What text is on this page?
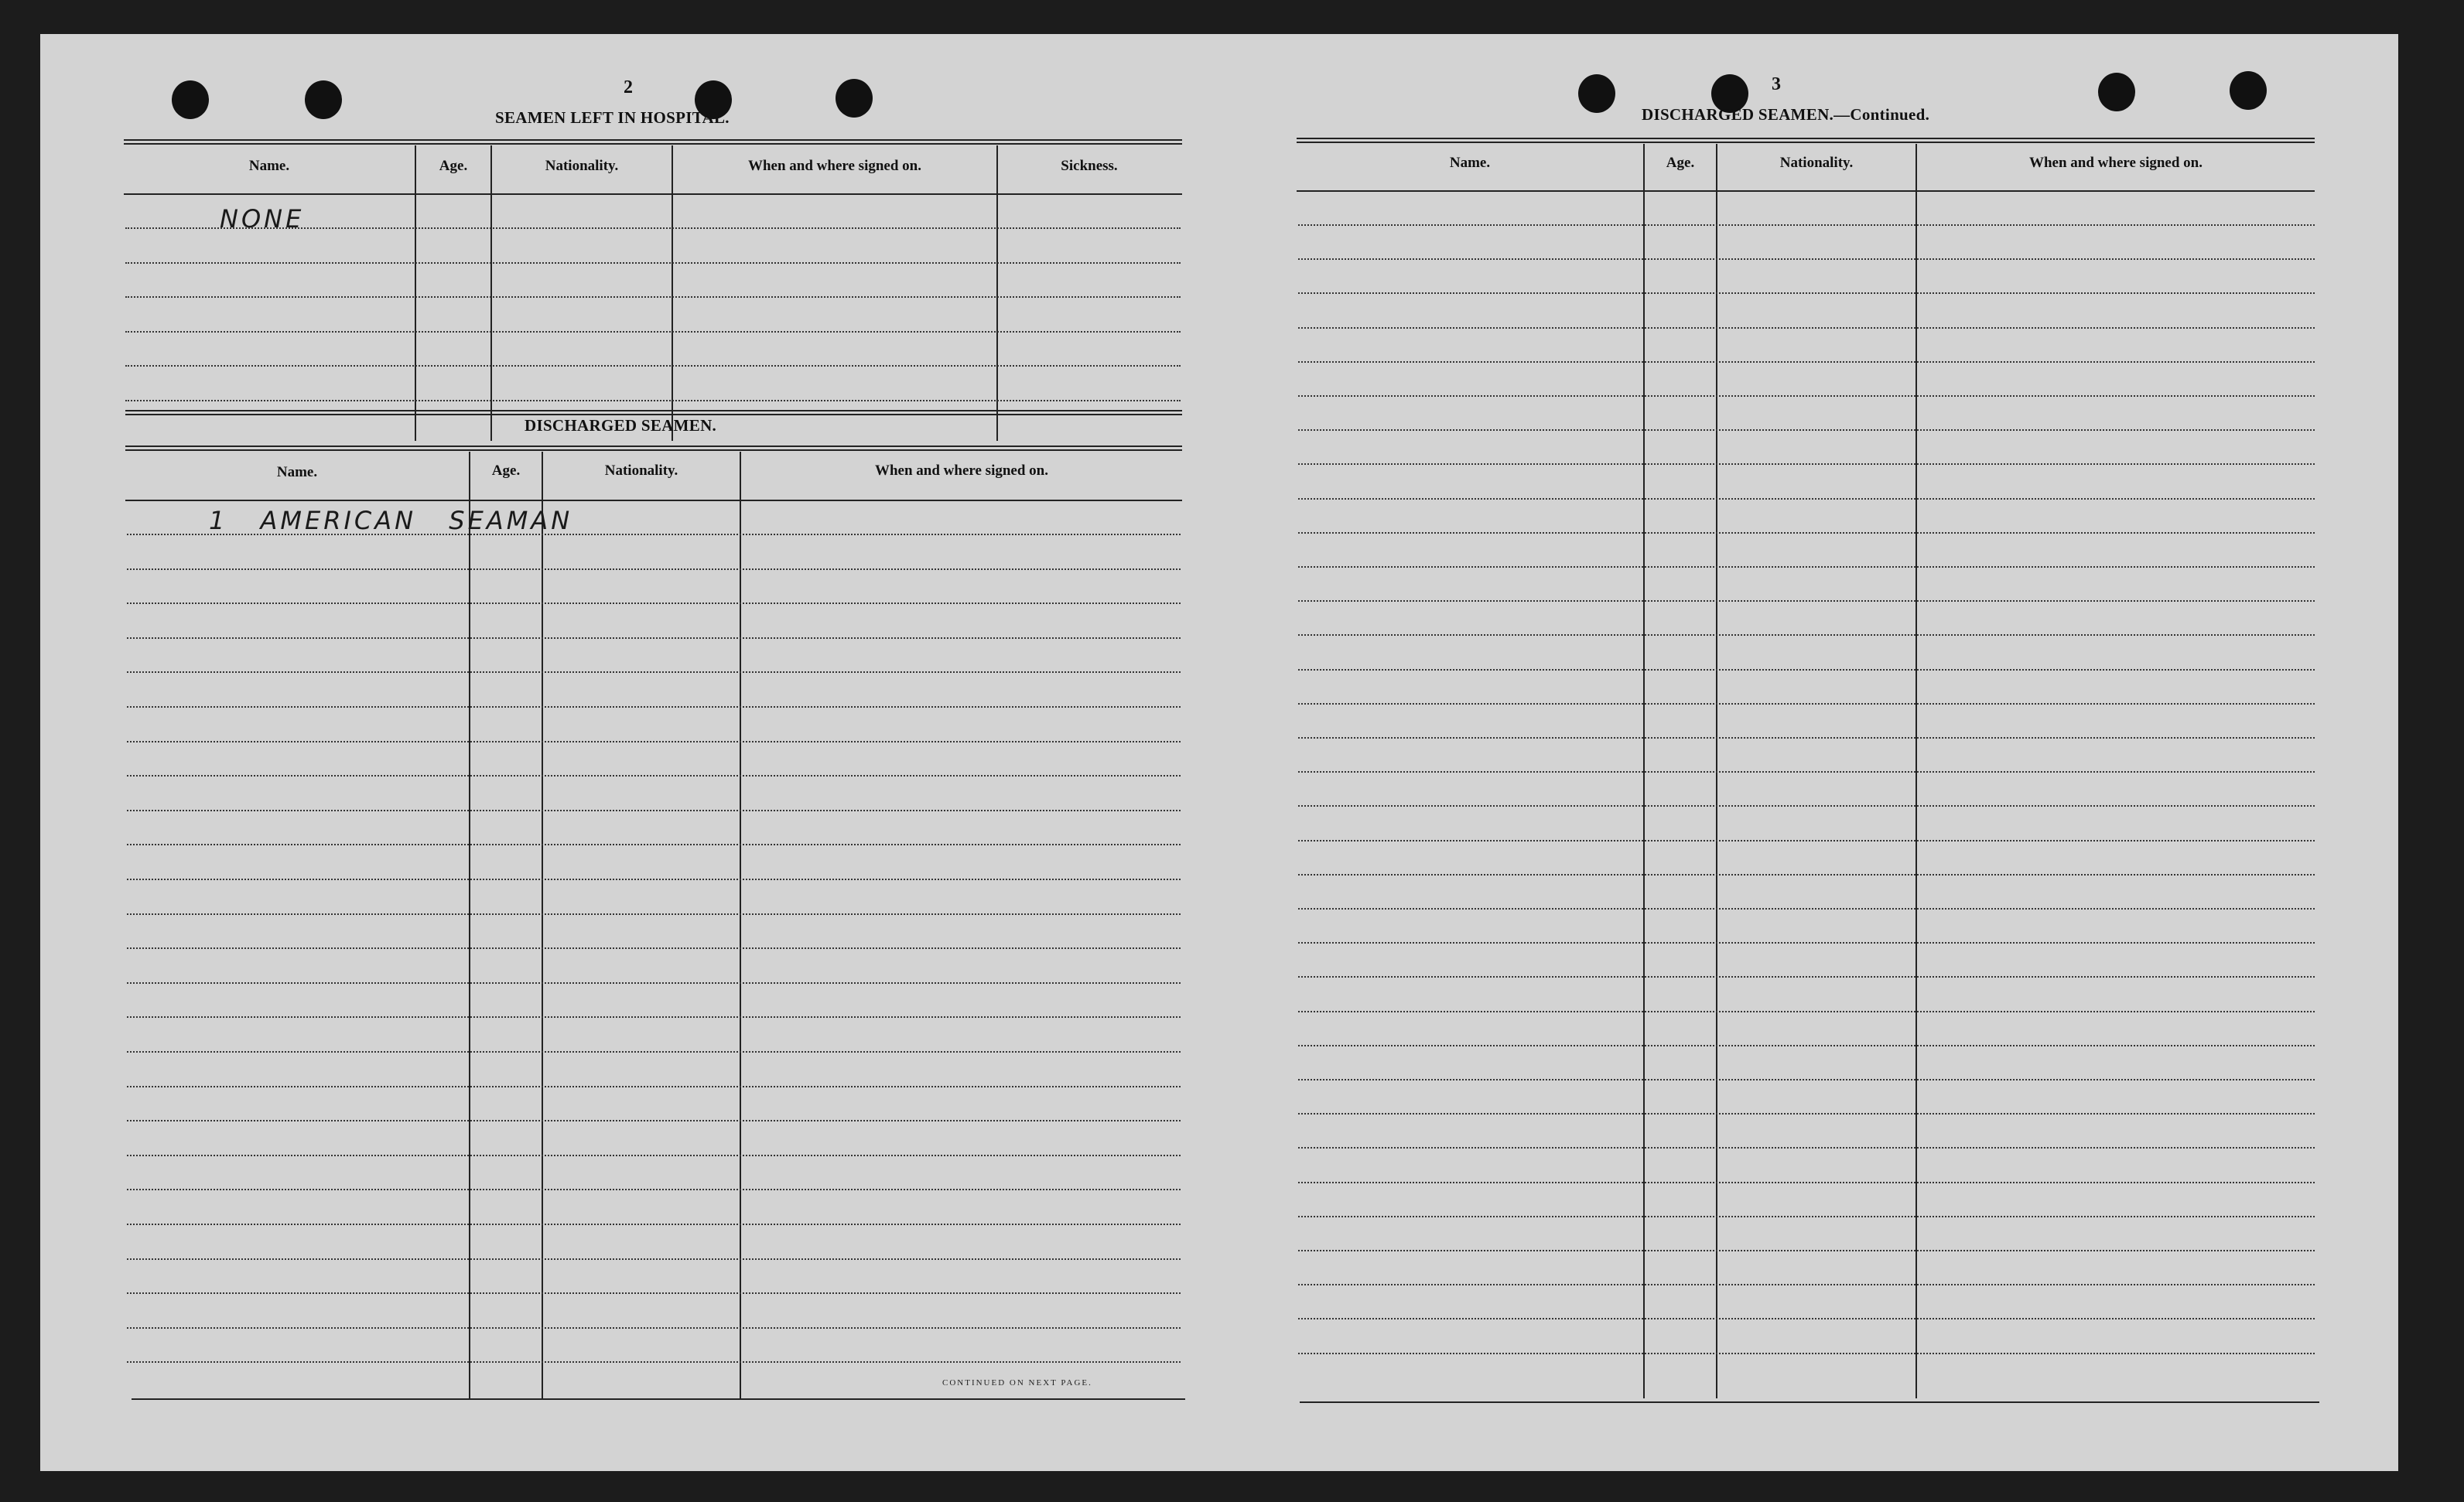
2
SEAMEN LEFT IN HOSPITAL.
Name.	Age.	Nationality.	When and where signed on.	Sickness.
NONE
DISCHARGED SEAMEN.
Name.	Age.	Nationality.	When and where signed on.
1 AMERICAN SEAMAN
CONTINUED ON NEXT PAGE.
3
DISCHARGED SEAMEN.—Continued.
Name.	Age.	Nationality.	When and where signed on.
